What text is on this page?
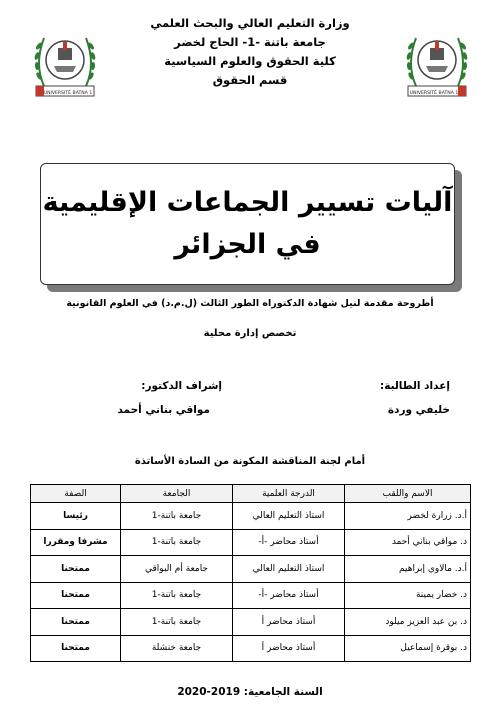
وزارة التعليم العالي والبحث العلمي
جامعة باتنة -1- الحاج لخضر
كلية الحقوق والعلوم السياسية
قسم الحقوق
UNIVERSITÉ BATNA 1	UNIVERSITÉ BATNA 1
آليات تسيير الجماعات الإقليمية
في الجزائر
أطروحة مقدمة لنيل شهادة الدكتوراه الطور الثالث (ل.م.د) في العلوم القانونية
تخصص إدارة محلية
إعداد الطالبة:
خليفي وردة
إشراف الدكتور:
مواقي بناني أحمد
أمام لجنة المناقشة المكونة من السادة الأساتذة
الاسم واللقب	الدرجة العلمية	الجامعة	الصفة
أ.د. زرارة لخضر	استاذ التعليم العالي	جامعة باتنة-1	رئيسا
د. مواقي بناني أحمد	أستاذ محاضر -أ-	جامعة باتنة-1	مشرفا ومقررا
أ.د. مالاوي إبراهيم	استاذ التعليم العالي	جامعة أم البواقي	ممتحنا
د. خضار يمينة	أستاذ محاضر -أ-	جامعة باتنة-1	ممتحنا
د. بن عبد العزيز ميلود	أستاذ محاضر أ	جامعة باتنة-1	ممتحنا
د. بوقرة إسماعيل	أستاذ محاضر أ	جامعة خنشلة	ممتحنا
السنة الجامعية: 2019-2020
